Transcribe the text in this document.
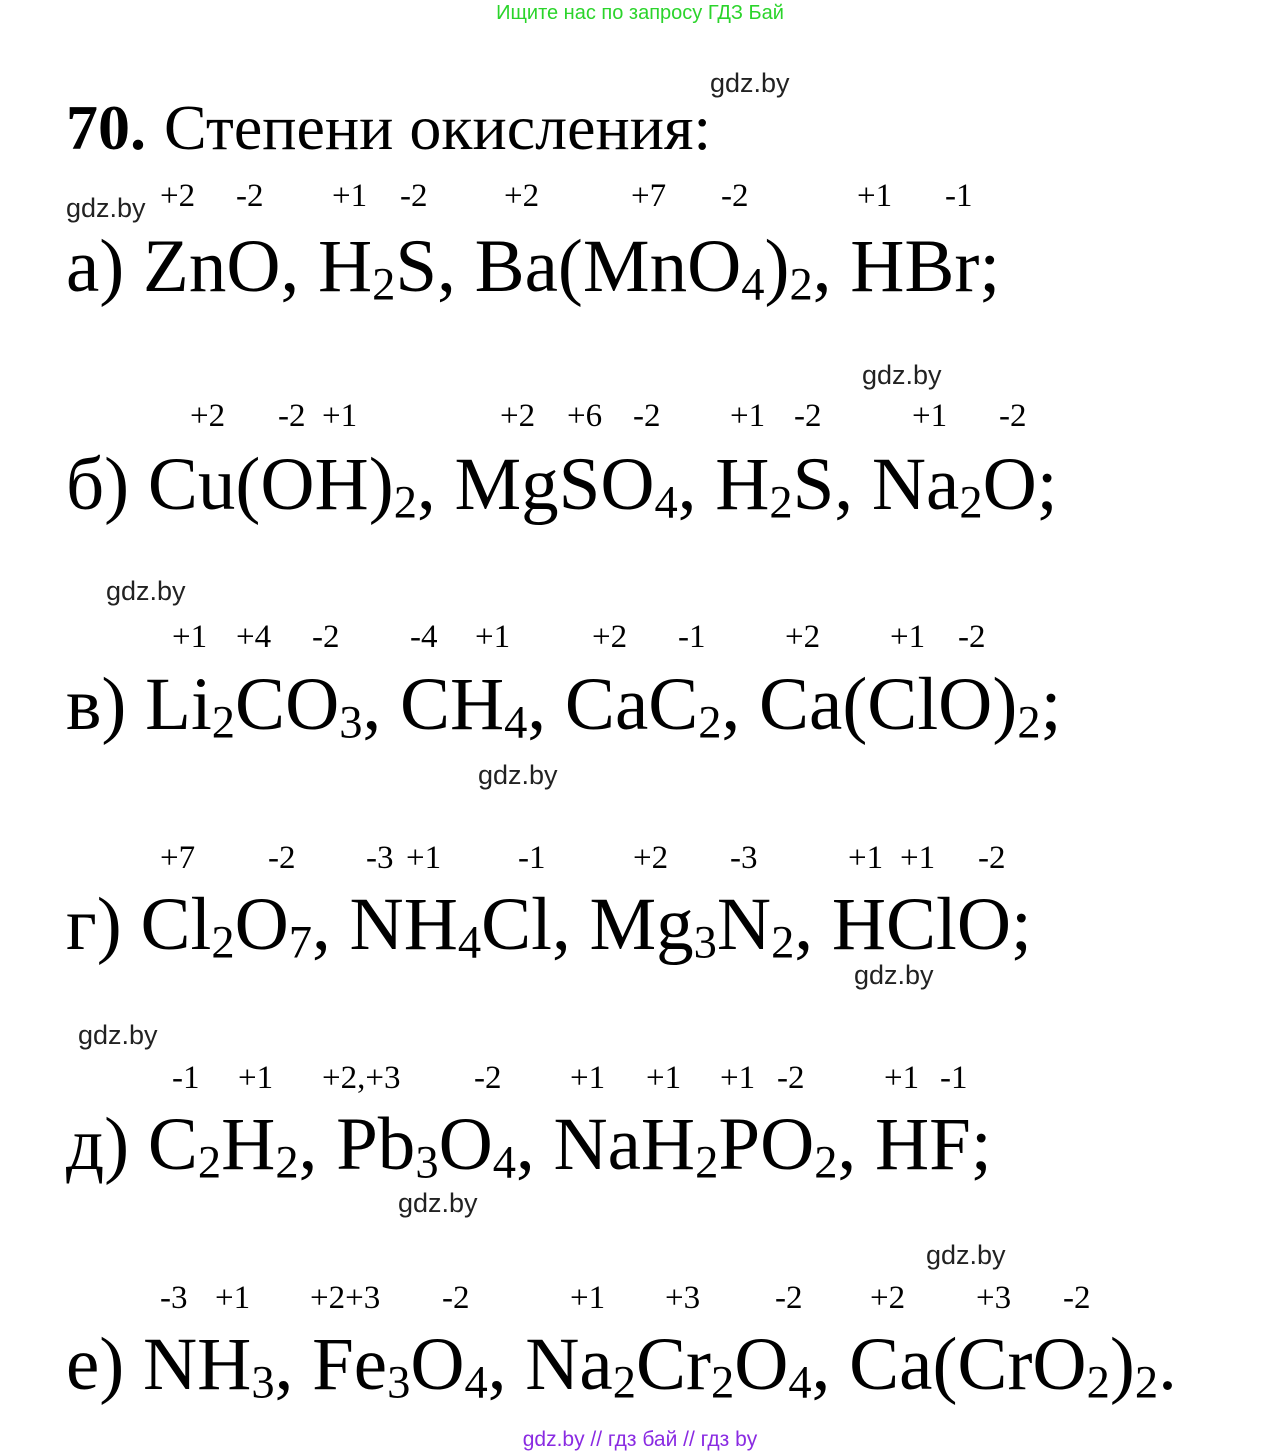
Ищите нас по запросу ГДЗ Бай
gdz.by
70. Степени окисления:
gdz.by +2 -2 +1 -2 +2	+7 -2	+1 -1
а) ZnO, $H_2S$, $Ba(MnO_4)_2$, HBr;
gdz.by
+2 -2 +1	+2 +6 -2 +1 -2	+1 -2
б) $Cu(OH)_2$, MgSO$_4$, $H_2S$, $Na_2O$;
gdz.by
+1 +4 -2 -4 +1 +2 -1 +2 +1 -2
в) $Li_2CO_3$, $CH_4$, CaC$_2$, $Ca(ClO)_2$;
gdz.by
+7 -2 -3 +1 -1	+2 -3	+1 +1 -2
г) $Cl_2O_7$, $NH_4Cl$, $Mg_3N_2$, HClO;
gdz.by
gdz.by
-1 +1 +2,+3 -2 +1 +1 +1 -2 +1 -1
д) $C_2H_2$, $Pb_3O_4$, $NaH_2PO_2$, HF;
gdz.by
gdz.by
-3 +1 +2+3 -2	+1 +3 -2 +2 +3 -2
е) $NH_3$, $Fe_3O_4$, $Na_2Cr_2O_4$, $Ca(CrO_2)_2$.
gdz.by // гдз бай // гдз by
